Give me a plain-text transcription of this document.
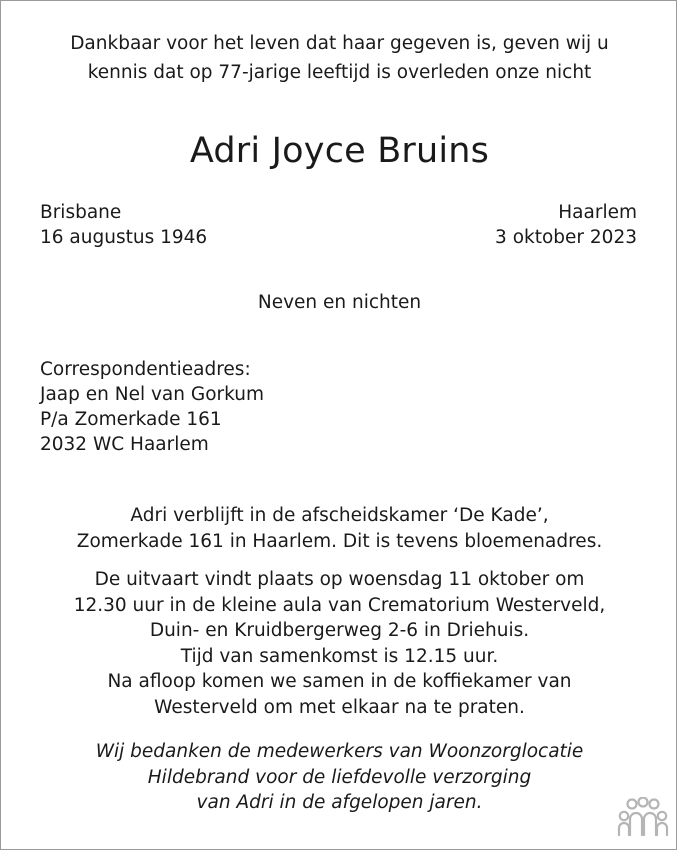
Dankbaar voor het leven dat haar gegeven is, geven wij u
kennis dat op 77-jarige leeftijd is overleden onze nicht
Adri Joyce Bruins
Brisbane
16 augustus 1946
Haarlem
3 oktober 2023
Neven en nichten
Correspondentieadres:
Jaap en Nel van Gorkum
P/a Zomerkade 161
2032 WC Haarlem
Adri verblijft in de afscheidskamer ‘De Kade’,
Zomerkade 161 in Haarlem. Dit is tevens bloemenadres.
De uitvaart vindt plaats op woensdag 11 oktober om
12.30 uur in de kleine aula van Crematorium Westerveld,
Duin- en Kruidbergerweg 2-6 in Driehuis.
Tijd van samenkomst is 12.15 uur.
Na afloop komen we samen in de koffiekamer van
Westerveld om met elkaar na te praten.
Wij bedanken de medewerkers van Woonzorglocatie
Hildebrand voor de liefdevolle verzorging
van Adri in de afgelopen jaren.
